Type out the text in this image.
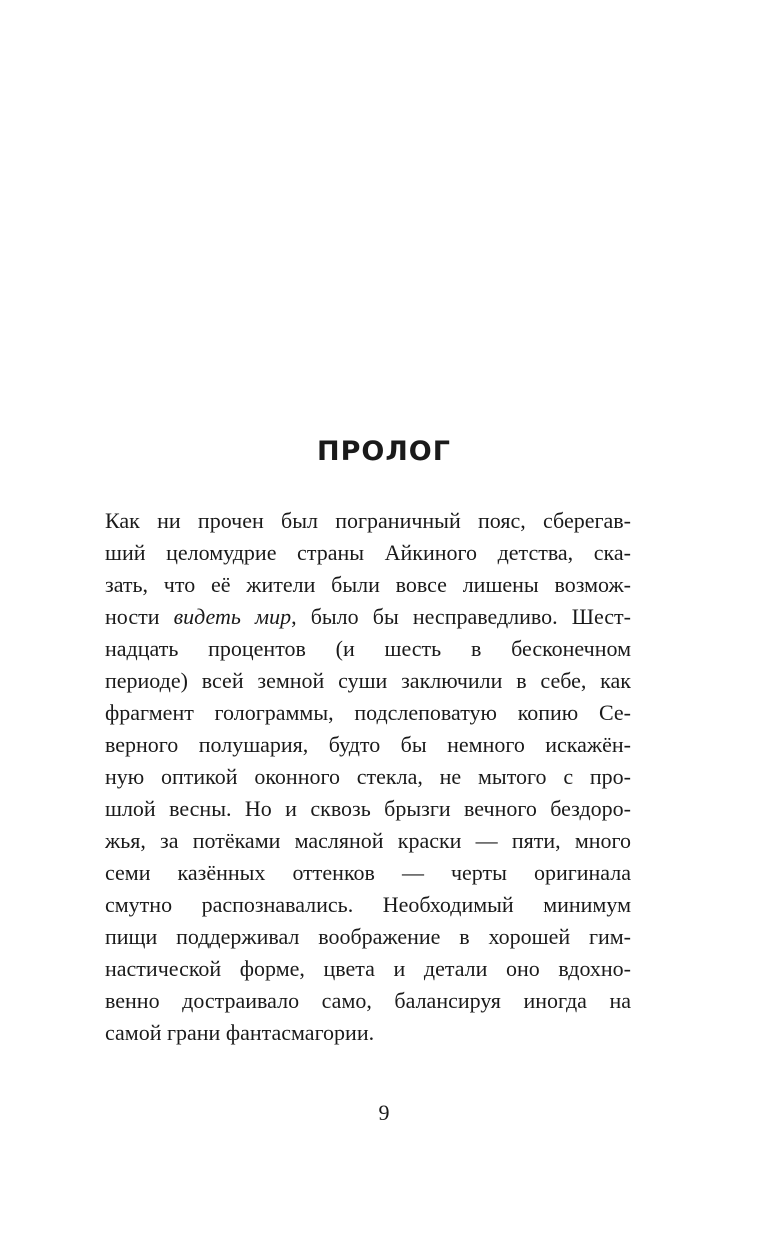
ПРОЛОГ
Как ни прочен был пограничный пояс, сберегав-
ший целомудрие страны Айкиного детства, ска-
зать, что её жители были вовсе лишены возмож-
ности видеть мир, было бы несправедливо. Шест-
надцать процентов (и шесть в бесконечном
периоде) всей земной суши заключили в себе, как
фрагмент голограммы, подслеповатую копию Се-
верного полушария, будто бы немного искажён-
ную оптикой оконного стекла, не мытого с про-
шлой весны. Но и сквозь брызги вечного бездоро-
жья, за потёками масляной краски — пяти, много
семи казённых оттенков — черты оригинала
смутно распознавались. Необходимый минимум
пищи поддерживал воображение в хорошей гим-
настической форме, цвета и детали оно вдохно-
венно достраивало само, балансируя иногда на
самой грани фантасмагории.
9
